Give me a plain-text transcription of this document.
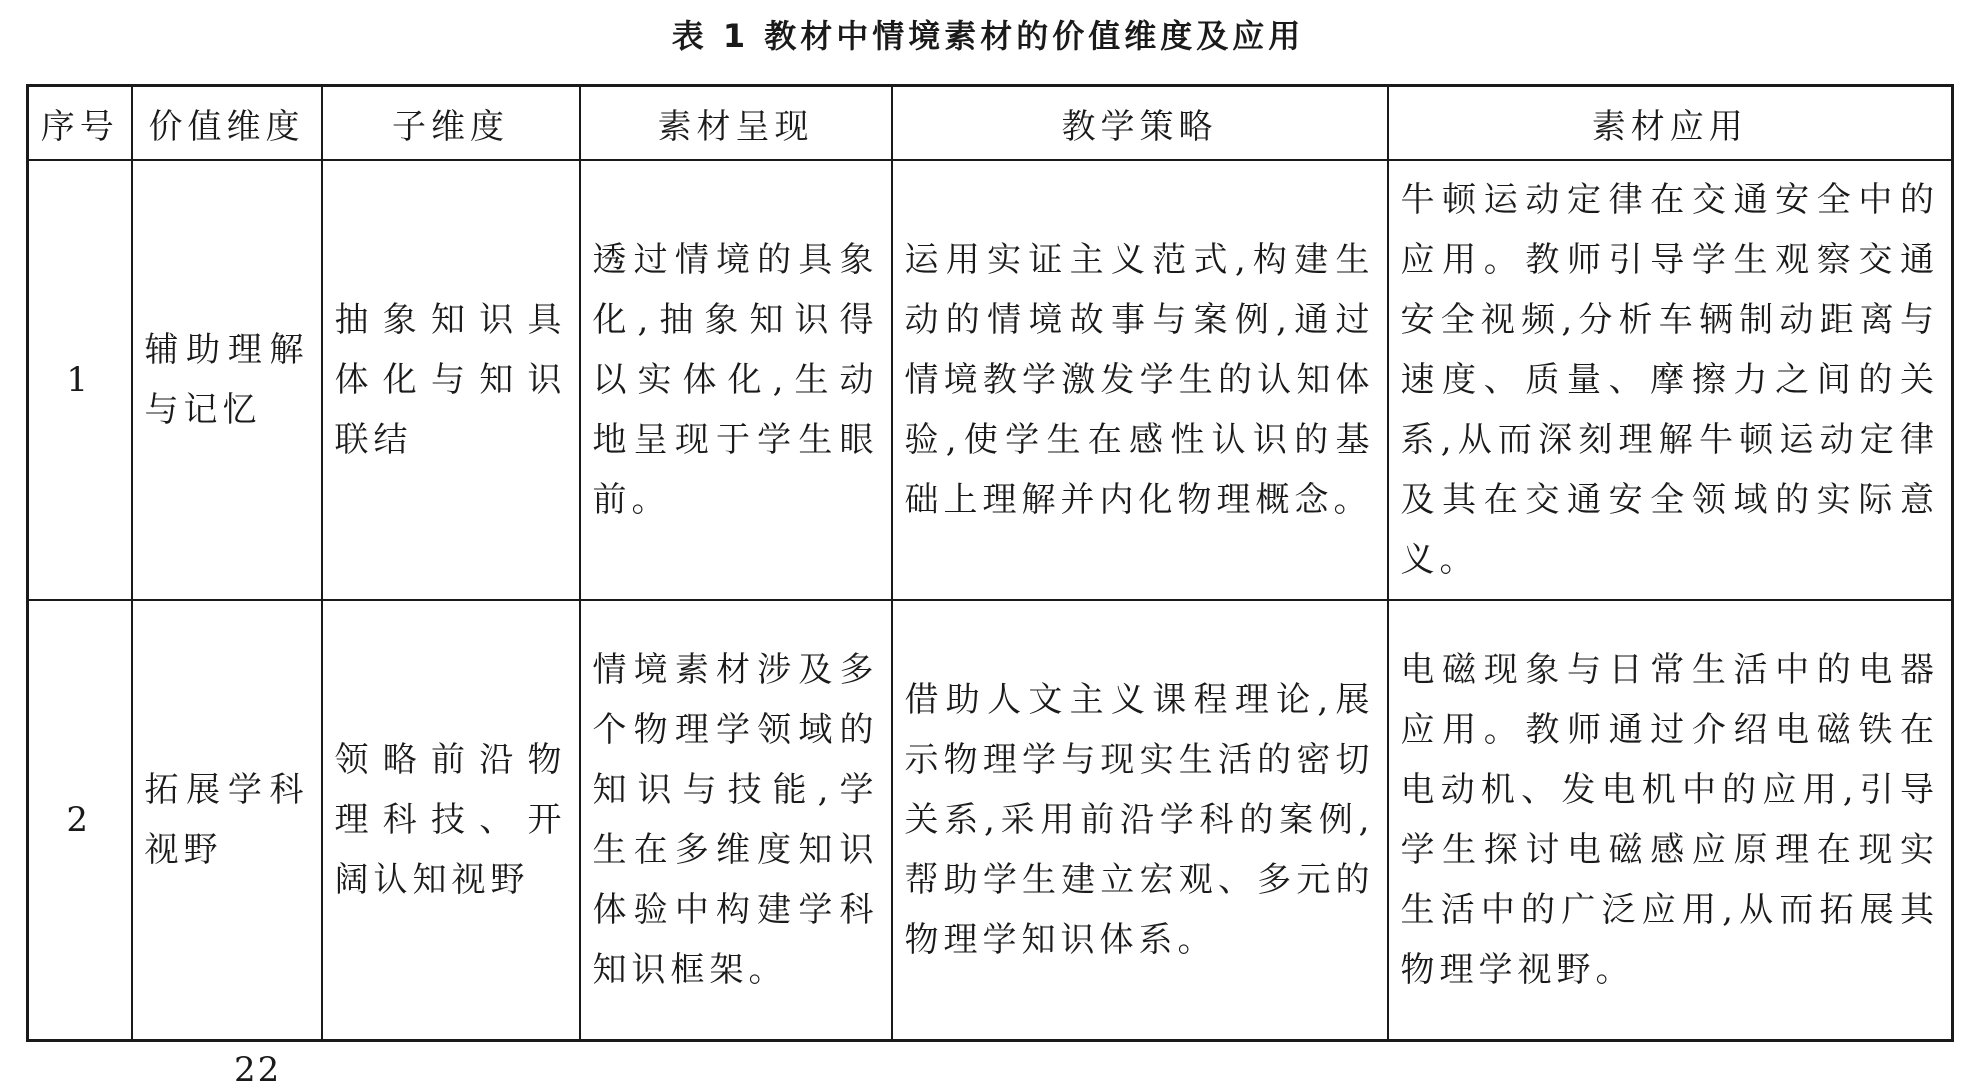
表 1 教材中情境素材的价值维度及应用
序号	价值维度	子维度	素材呈现	教学策略	素材应用
1	辅助理解与记忆	抽象知识具体化与知识联结	透过情境的具象化,抽象知识得以实体化,生动地呈现于学生眼前。	运用实证主义范式,构建生动的情境故事与案例,通过情境教学激发学生的认知体验,使学生在感性认识的基础上理解并内化物理概念。	牛顿运动定律在交通安全中的应用。教师引导学生观察交通安全视频,分析车辆制动距离与速度、质量、摩擦力之间的关系,从而深刻理解牛顿运动定律及其在交通安全领域的实际意义。

2	拓展学科视野	领略前沿物理科技、开阔认知视野	情境素材涉及多个物理学领域的知识与技能,学生在多维度知识体验中构建学科知识框架。	借助人文主义课程理论,展示物理学与现实生活的密切关系,采用前沿学科的案例,帮助学生建立宏观、多元的物理学知识体系。	电磁现象与日常生活中的电器应用。教师通过介绍电磁铁在电动机、发电机中的应用,引导学生探讨电磁感应原理在现实生活中的广泛应用,从而拓展其物理学视野。
22
